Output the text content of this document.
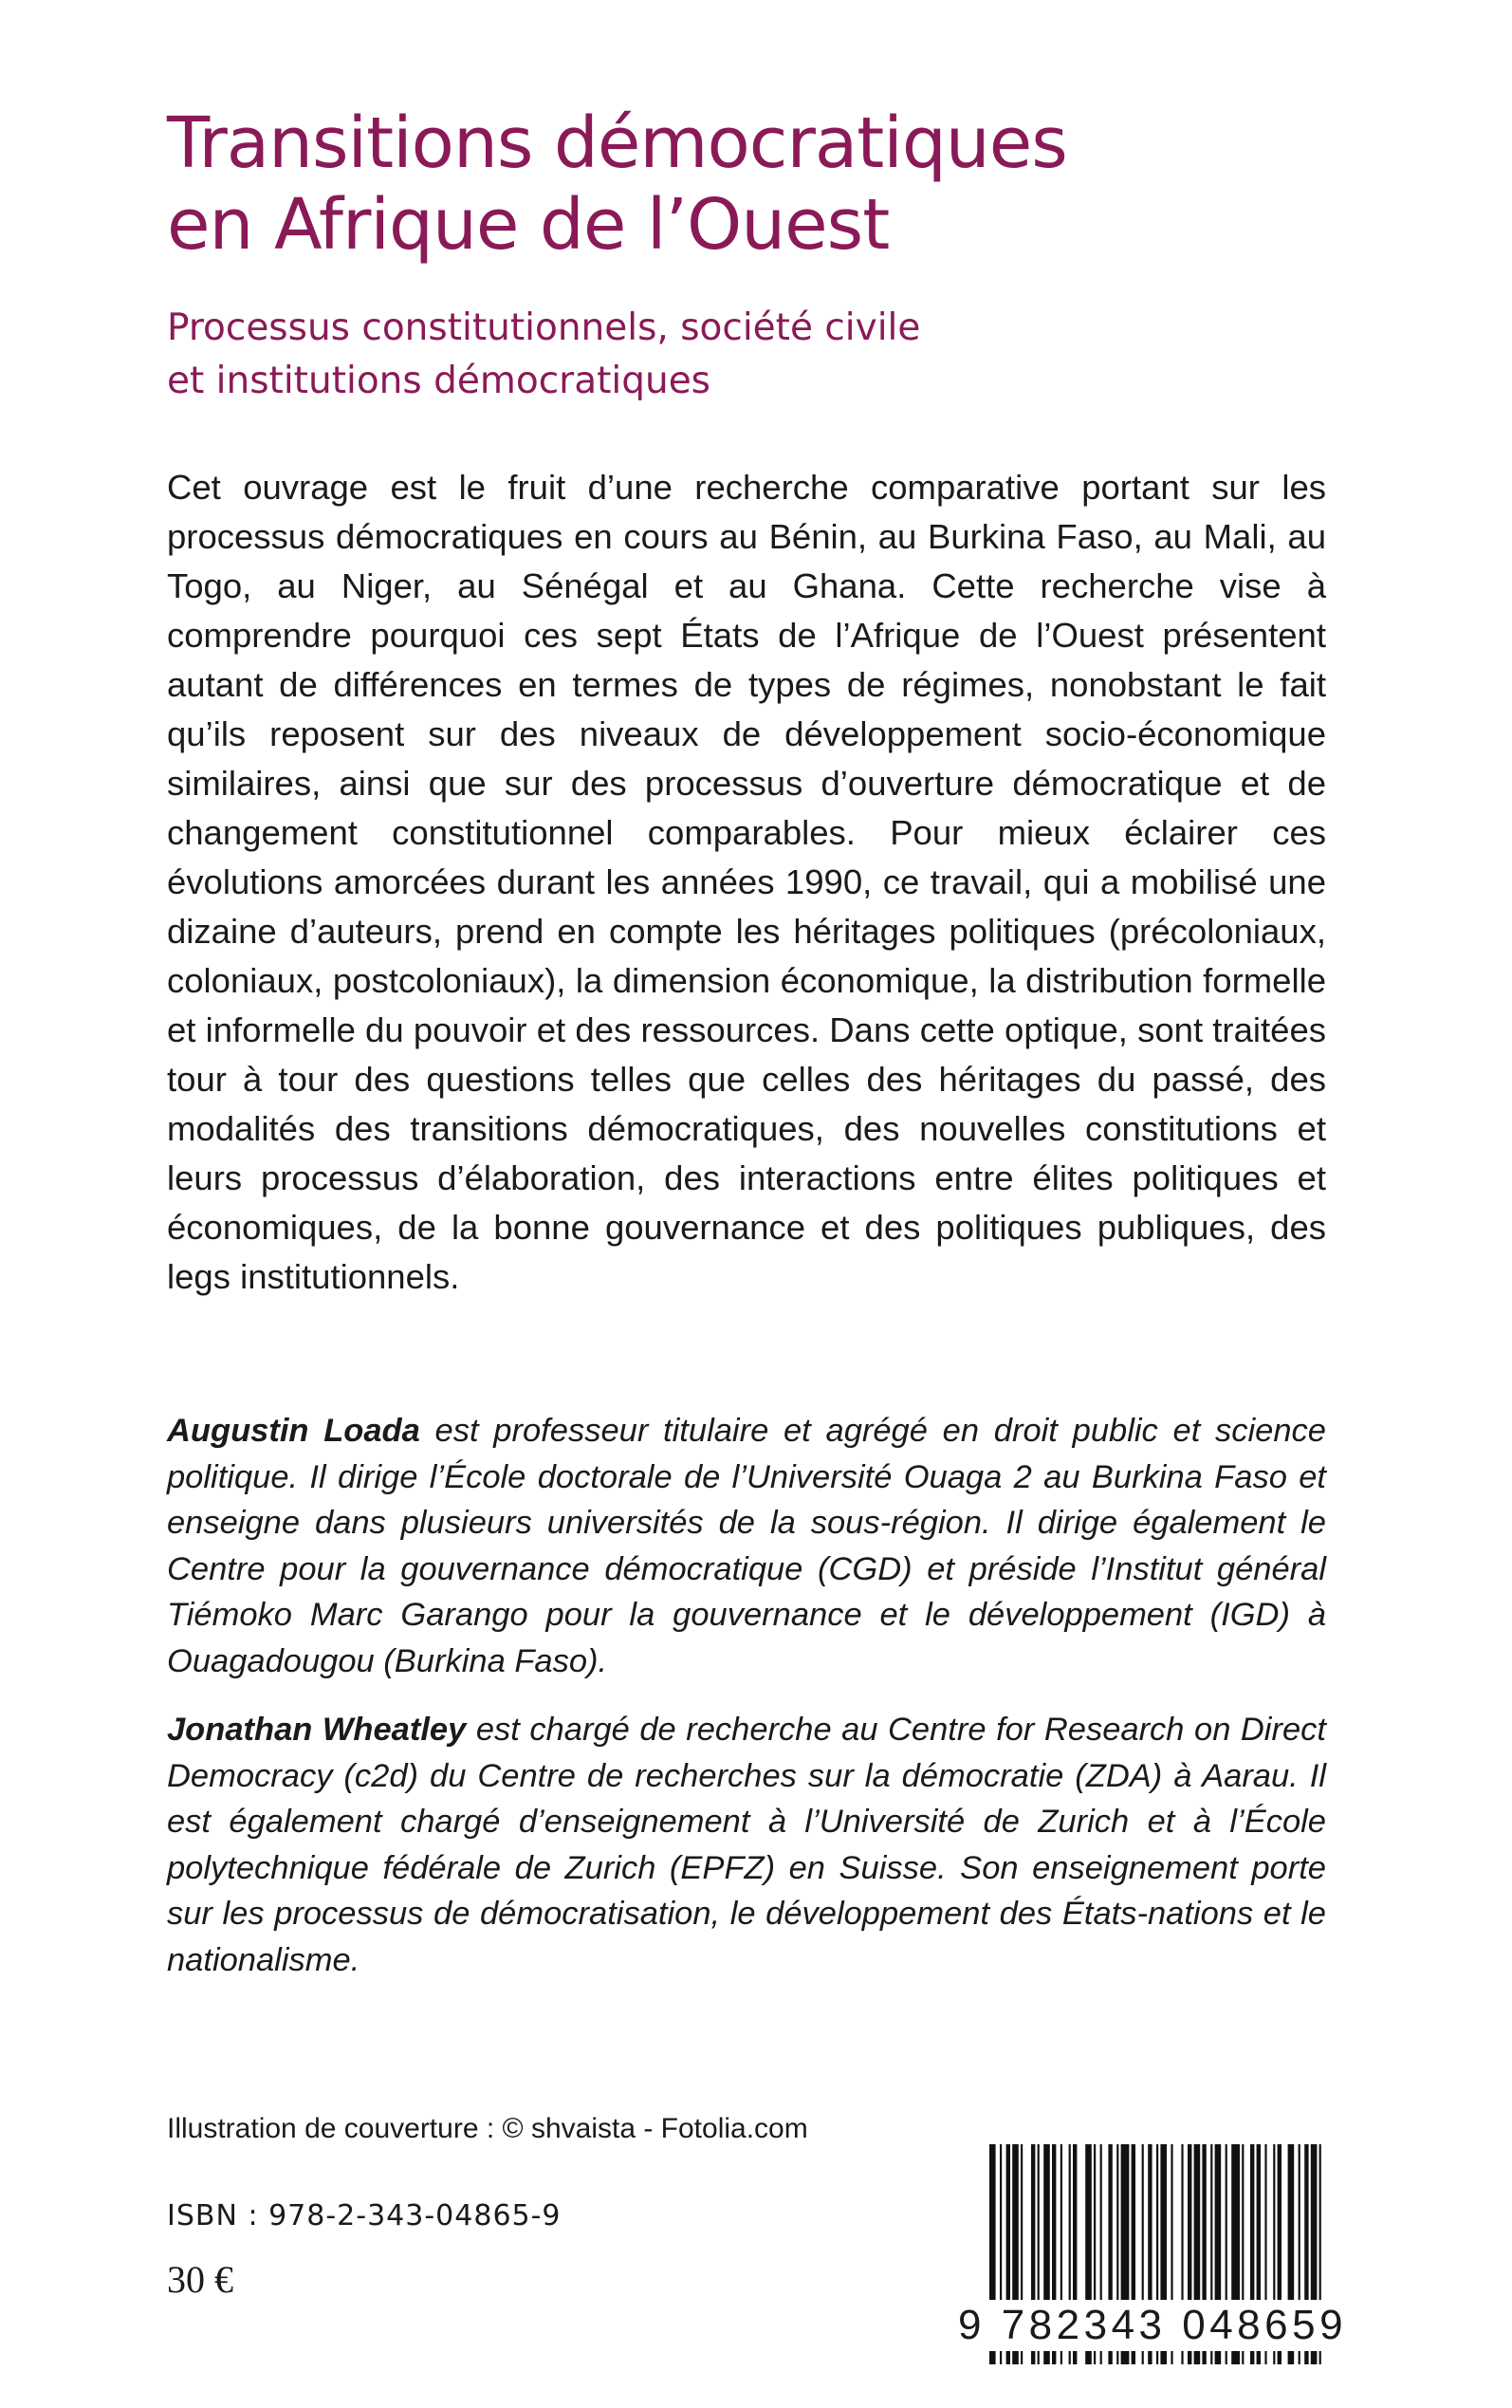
Transitions démocratiques
en Afrique de l’Ouest
Processus constitutionnels, société civile
et institutions démocratiques

Cet ouvrage est le fruit d’une recherche comparative portant sur les processus démocratiques en cours au Bénin, au Burkina Faso, au Mali, au Togo, au Niger, au Sénégal et au Ghana. Cette recherche vise à comprendre pourquoi ces sept États de l’Afrique de l’Ouest présentent autant de différences en termes de types de régimes, nonobstant le fait qu’ils reposent sur des niveaux de développement socio-économique similaires, ainsi que sur des processus d’ouverture démocratique et de changement constitutionnel comparables. Pour mieux éclairer ces évolutions amorcées durant les années 1990, ce travail, qui a mobilisé une dizaine d’auteurs, prend en compte les héritages politiques (précoloniaux, coloniaux, postcoloniaux), la dimension économique, la distribution formelle et informelle du pouvoir et des ressources. Dans cette optique, sont traitées tour à tour des questions telles que celles des héritages du passé, des modalités des transitions démocratiques, des nouvelles constitutions et leurs processus d’élaboration, des interactions entre élites politiques et économiques, de la bonne gouvernance et des politiques publiques, des legs institutionnels.

Augustin Loada est professeur titulaire et agrégé en droit public et science politique. Il dirige l’École doctorale de l’Université Ouaga 2 au Burkina Faso et enseigne dans plusieurs universités de la sous-région. Il dirige également le Centre pour la gouvernance démocratique (CGD) et préside l’Institut général Tiémoko Marc Garango pour la gouvernance et le développement (IGD) à Ouagadougou (Burkina Faso).

Jonathan Wheatley est chargé de recherche au Centre for Research on Direct Democracy (c2d) du Centre de recherches sur la démocratie (ZDA) à Aarau. Il est également chargé d’enseignement à l’Université de Zurich et à l’École polytechnique fédérale de Zurich (EPFZ) en Suisse. Son enseignement porte sur les processus de démocratisation, le développement des États-nations et le nationalisme.

Illustration de couverture : © shvaista - Fotolia.com
ISBN : 978-2-343-04865-9
30 €
9 782343 048659
